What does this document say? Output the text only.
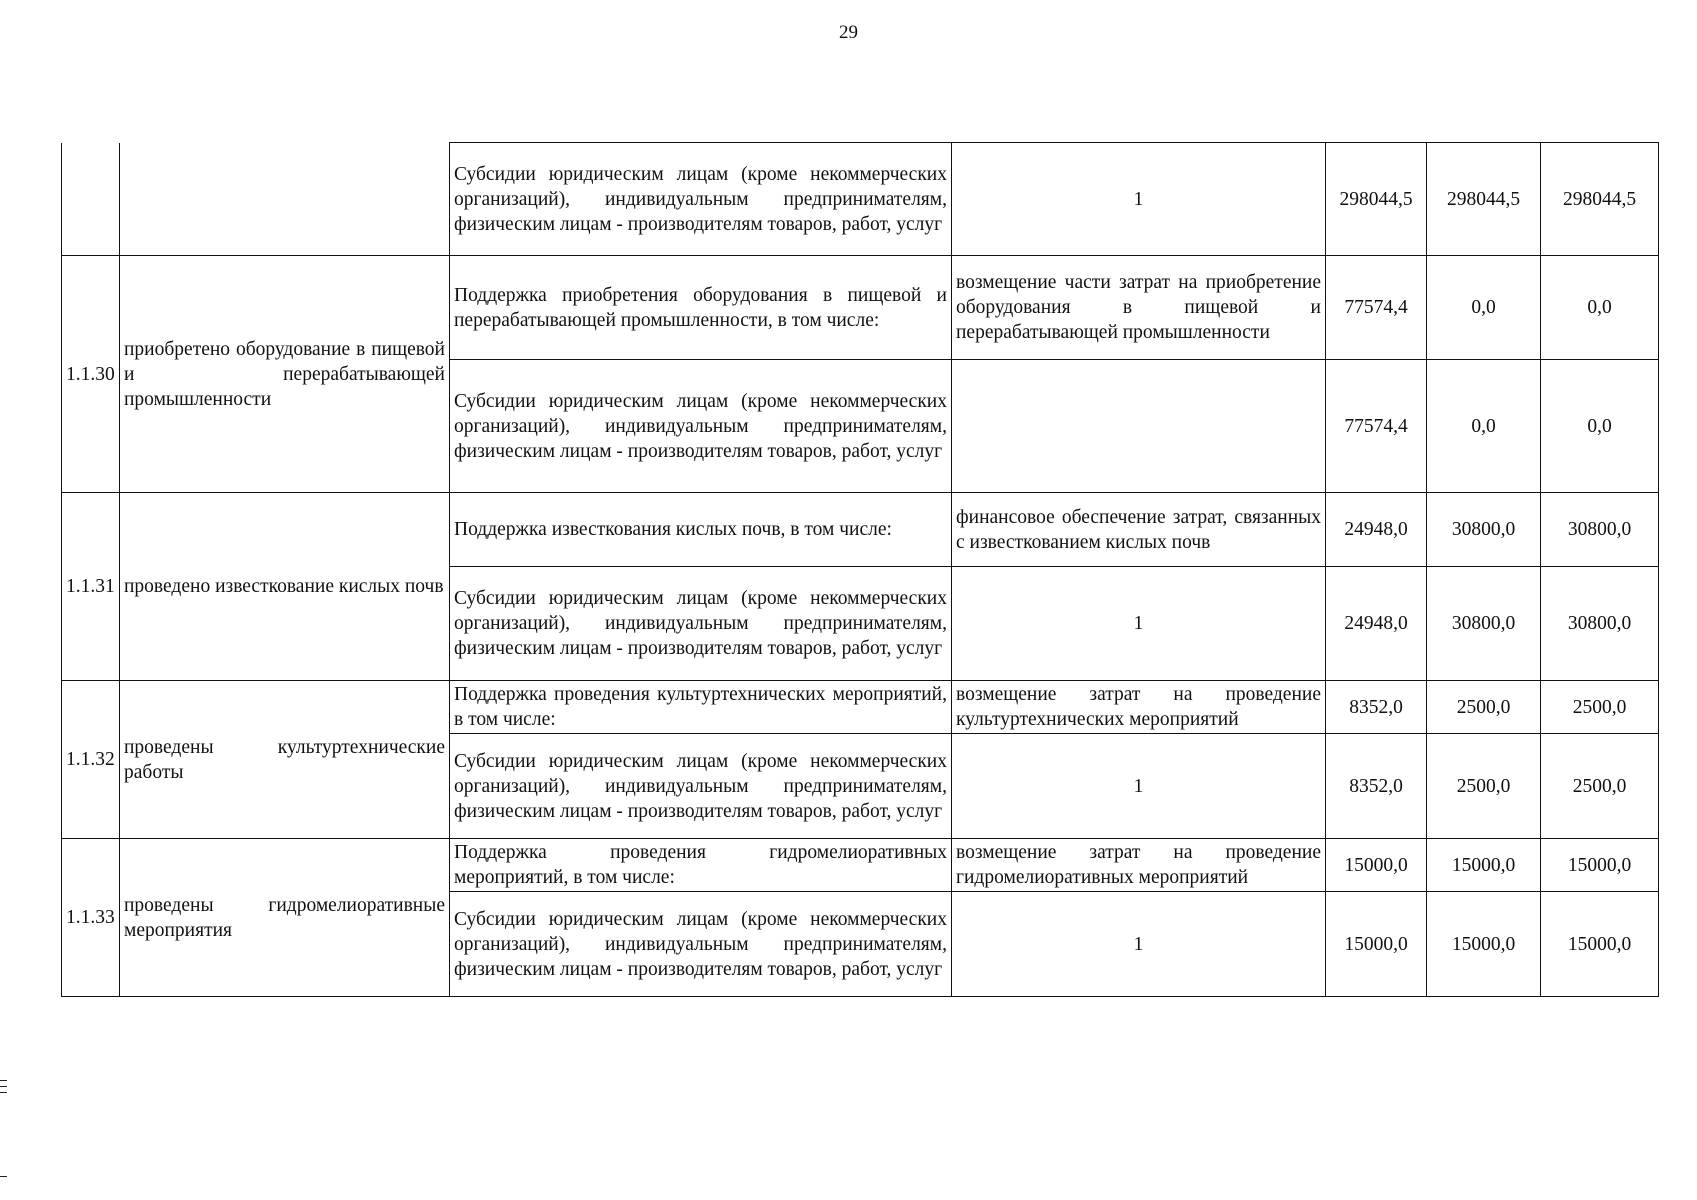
29
		Субсидии юридическим лицам (кроме некоммерческих организаций), индивидуальным предпринимателям, физическим лицам - производителям товаров, работ, услуг	1	298044,5	298044,5	298044,5
1.1.30	приобретено оборудование в пищевой и перерабатывающей промышленности	Поддержка приобретения оборудования в пищевой и перерабатывающей промышленности, в том числе:	возмещение части затрат на приобретение оборудования в пищевой и перерабатывающей промышленности	77574,4	0,0	0,0
		Субсидии юридическим лицам (кроме некоммерческих организаций), индивидуальным предпринимателям, физическим лицам - производителям товаров, работ, услуг		77574,4	0,0	0,0
1.1.31	проведено известкование кислых почв	Поддержка известкования кислых почв, в том числе:	финансовое обеспечение затрат, связанных с известкованием кислых почв	24948,0	30800,0	30800,0
		Субсидии юридическим лицам (кроме некоммерческих организаций), индивидуальным предпринимателям, физическим лицам - производителям товаров, работ, услуг	1	24948,0	30800,0	30800,0
1.1.32	проведены культуртехнические работы	Поддержка проведения культуртехнических мероприятий, в том числе:	возмещение затрат на проведение культуртехнических мероприятий	8352,0	2500,0	2500,0
		Субсидии юридическим лицам (кроме некоммерческих организаций), индивидуальным предпринимателям, физическим лицам - производителям товаров, работ, услуг	1	8352,0	2500,0	2500,0
1.1.33	проведены гидромелиоративные мероприятия	Поддержка проведения гидромелиоративных мероприятий, в том числе:	возмещение затрат на проведение гидромелиоративных мероприятий	15000,0	15000,0	15000,0
		Субсидии юридическим лицам (кроме некоммерческих организаций), индивидуальным предпринимателям, физическим лицам - производителям товаров, работ, услуг	1	15000,0	15000,0	15000,0
